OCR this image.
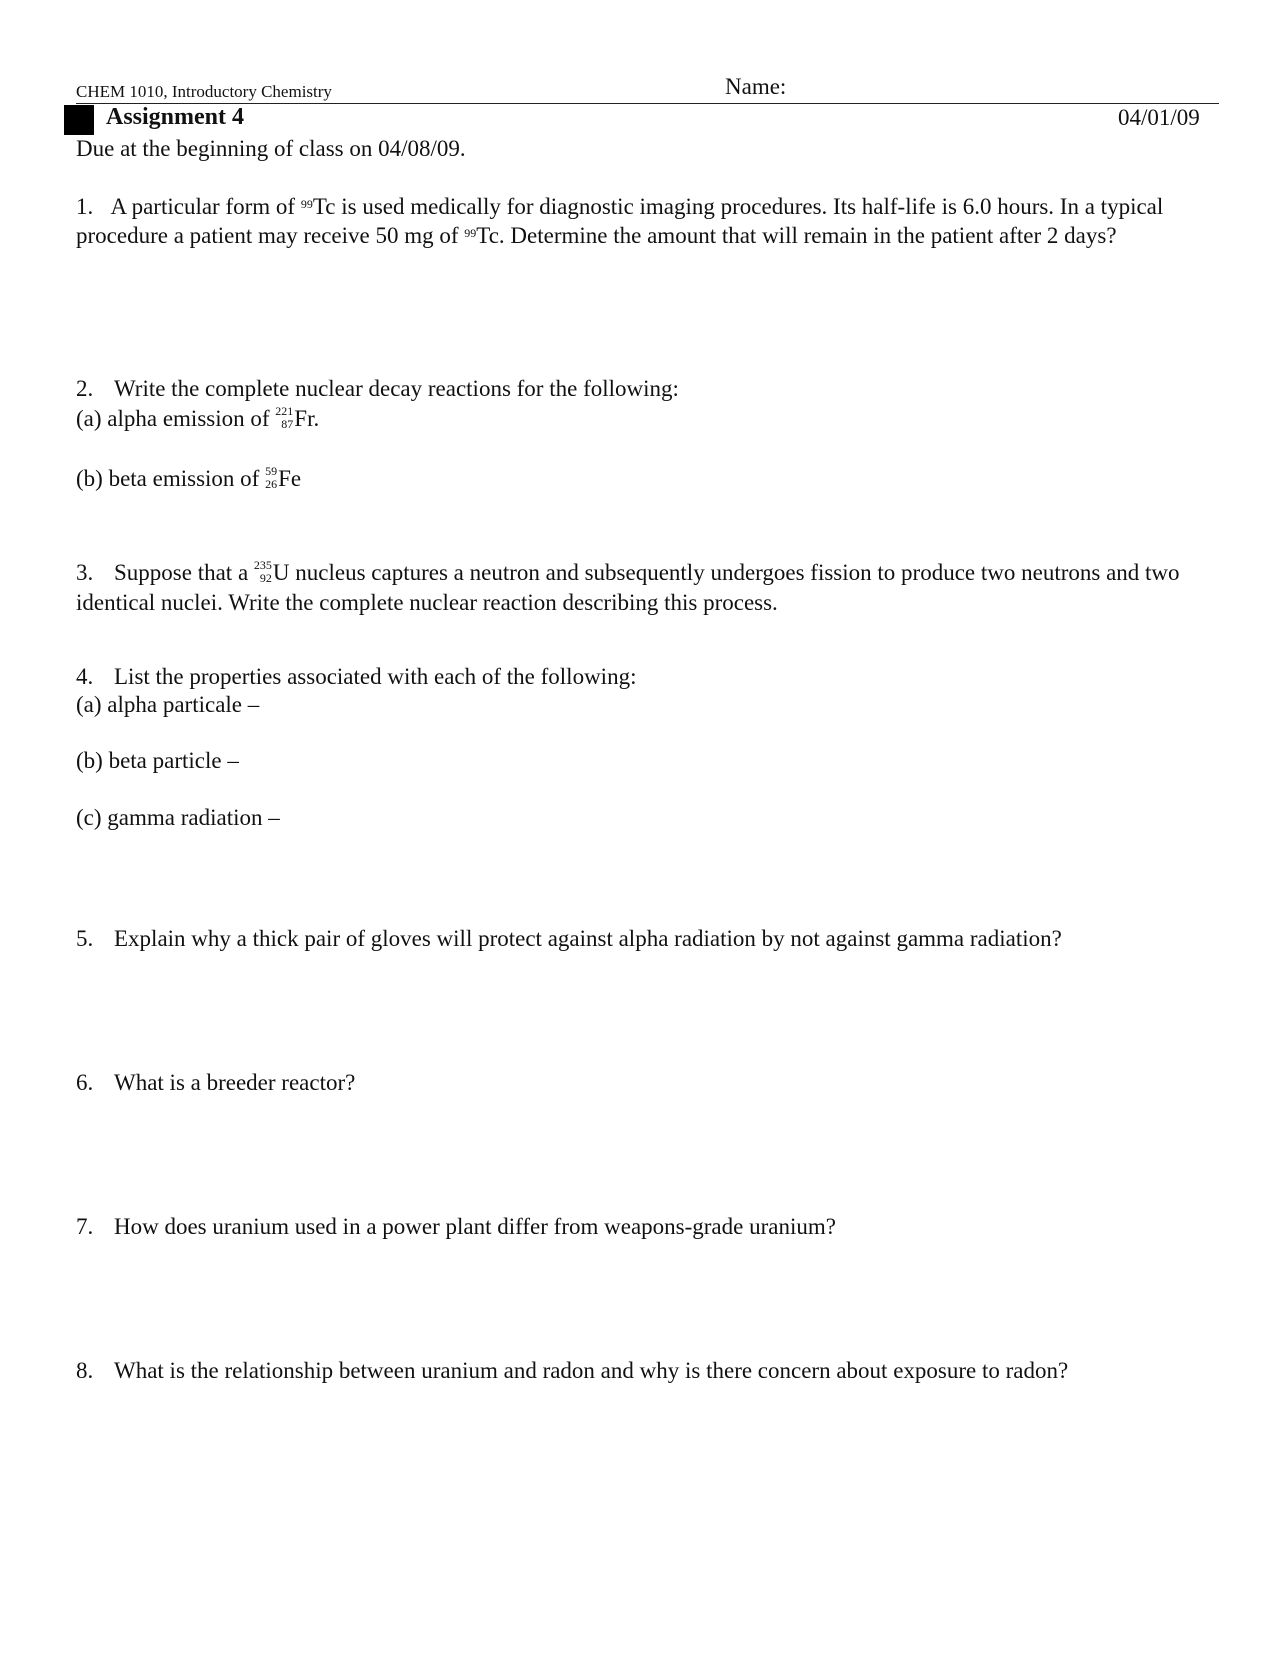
CHEM 1010, Introductory Chemistry	Name:
Assignment 4	04/01/09
Due at the beginning of class on 04/08/09.
1. A particular form of $^{99}$Tc is used medically for diagnostic imaging procedures. Its half-life is 6.0 hours. In a typical procedure a patient may receive 50 mg of $^{99}$Tc. Determine the amount that will remain in the patient after 2 days?
2. Write the complete nuclear decay reactions for the following:
(a) alpha emission of 221
87 Fr.
(b) beta emission of 59
26 Fe
3. Suppose that a 235
92 U nucleus captures a neutron and subsequently undergoes fission to produce two neutrons and two identical nuclei. Write the complete nuclear reaction describing this process.
4. List the properties associated with each of the following:
(a) alpha particale –
(b) beta particle –
(c) gamma radiation –
5. Explain why a thick pair of gloves will protect against alpha radiation by not against gamma radiation?
6. What is a breeder reactor?
7. How does uranium used in a power plant differ from weapons-grade uranium?
8. What is the relationship between uranium and radon and why is there concern about exposure to radon?
